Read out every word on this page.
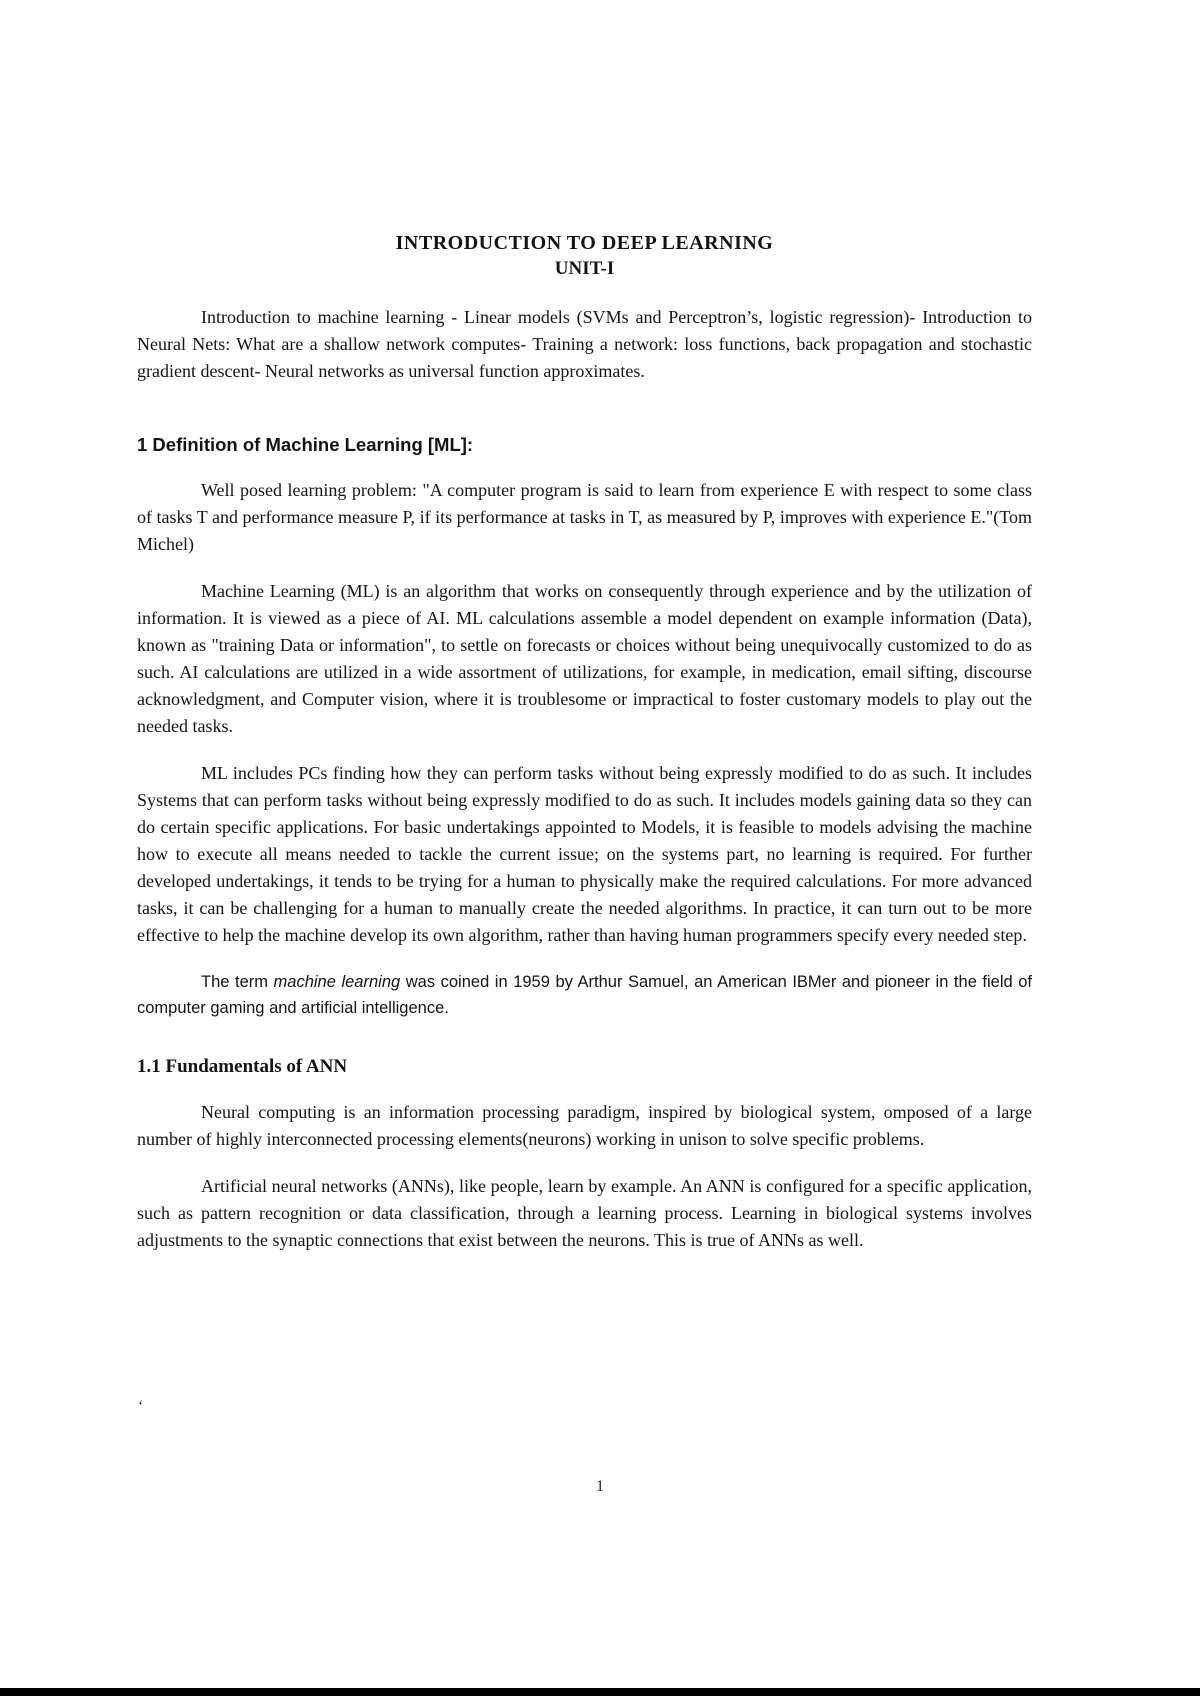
INTRODUCTION TO DEEP LEARNING
UNIT-I

Introduction to machine learning - Linear models (SVMs and Perceptron’s, logistic regression)- Introduction to Neural Nets: What are a shallow network computes- Training a network: loss functions, back propagation and stochastic gradient descent- Neural networks as universal function approximates.

1 Definition of Machine Learning [ML]:

Well posed learning problem: "A computer program is said to learn from experience E with respect to some class of tasks T and performance measure P, if its performance at tasks in T, as measured by P, improves with experience E."(Tom Michel)

Machine Learning (ML) is an algorithm that works on consequently through experience and by the utilization of information. It is viewed as a piece of AI. ML calculations assemble a model dependent on example information (Data), known as "training Data or information", to settle on forecasts or choices without being unequivocally customized to do as such. AI calculations are utilized in a wide assortment of utilizations, for example, in medication, email sifting, discourse acknowledgment, and Computer vision, where it is troublesome or impractical to foster customary models to play out the needed tasks.

ML includes PCs finding how they can perform tasks without being expressly modified to do as such. It includes Systems that can perform tasks without being expressly modified to do as such. It includes models gaining data so they can do certain specific applications. For basic undertakings appointed to Models, it is feasible to models advising the machine how to execute all means needed to tackle the current issue; on the systems part, no learning is required. For further developed undertakings, it tends to be trying for a human to physically make the required calculations. For more advanced tasks, it can be challenging for a human to manually create the needed algorithms. In practice, it can turn out to be more effective to help the machine develop its own algorithm, rather than having human programmers specify every needed step.

The term machine learning was coined in 1959 by Arthur Samuel, an American IBMer and pioneer in the field of computer gaming and artificial intelligence.

1.1 Fundamentals of ANN

Neural computing is an information processing paradigm, inspired by biological system, omposed of a large number of highly interconnected processing elements(neurons) working in unison to solve specific problems.

Artificial neural networks (ANNs), like people, learn by example. An ANN is configured for a specific application, such as pattern recognition or data classification, through a learning process. Learning in biological systems involves adjustments to the synaptic connections that exist between the neurons. This is true of ANNs as well.

‘
1
